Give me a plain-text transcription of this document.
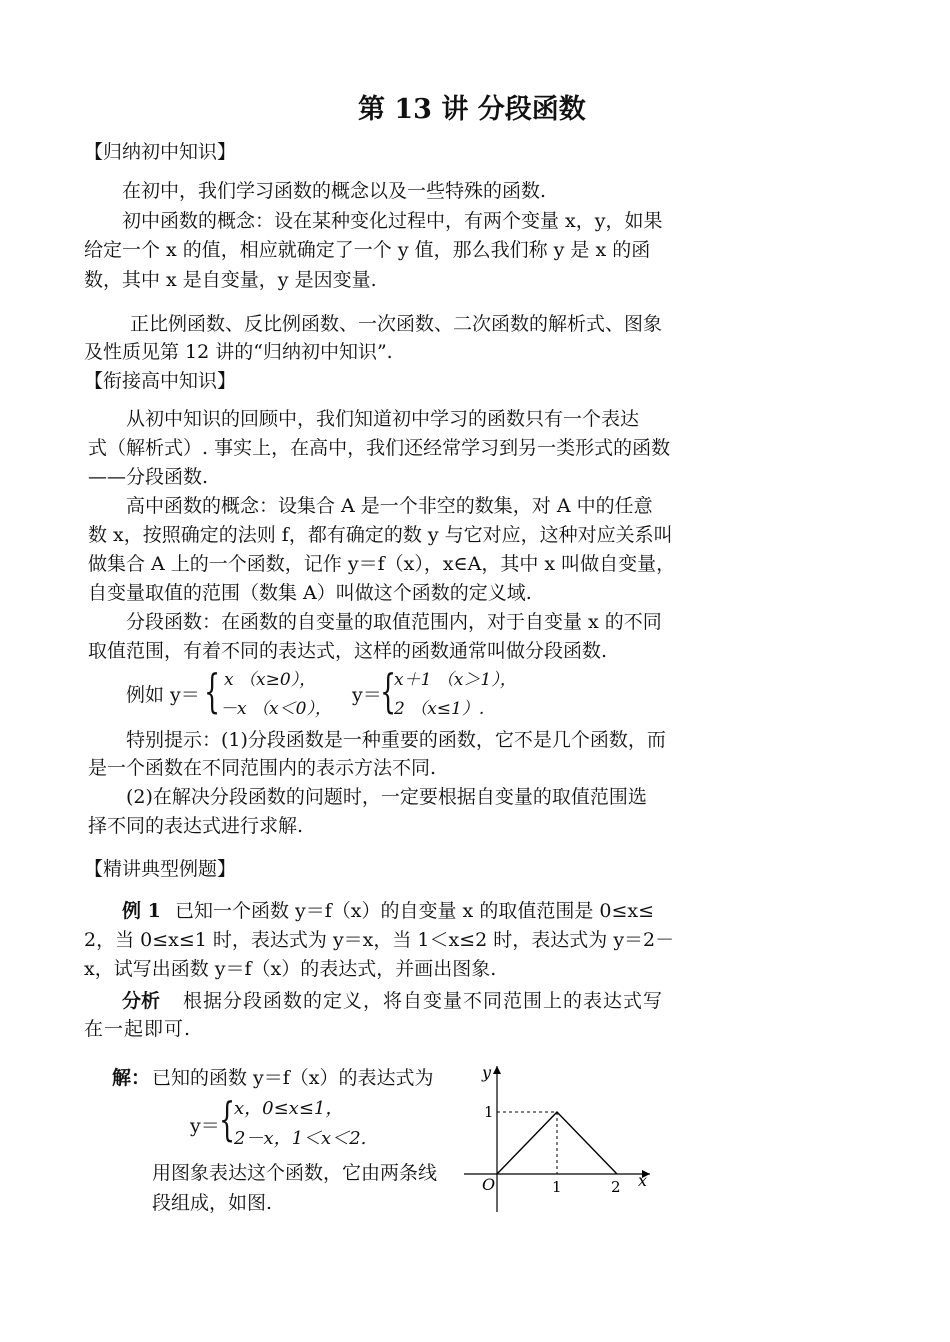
第 13 讲 分段函数
【归纳初中知识】
在初中，我们学习函数的概念以及一些特殊的函数.
初中函数的概念：设在某种变化过程中，有两个变量 x，y，如果
给定一个 x 的值，相应就确定了一个 y 值，那么我们称 y 是 x 的函
数，其中 x 是自变量，y 是因变量.
正比例函数、反比例函数、一次函数、二次函数的解析式、图象
及性质见第 12 讲的“归纳初中知识”.
【衔接高中知识】
从初中知识的回顾中，我们知道初中学习的函数只有一个表达
式（解析式）. 事实上，在高中，我们还经常学习到另一类形式的函数
——分段函数.
高中函数的概念：设集合 A 是一个非空的数集，对 A 中的任意
数 x，按照确定的法则 f，都有确定的数 y 与它对应，这种对应关系叫
做集合 A 上的一个函数，记作 y＝f（x），x∈A，其中 x 叫做自变量，
自变量取值的范围（数集 A）叫做这个函数的定义域.
分段函数：在函数的自变量的取值范围内，对于自变量 x 的不同
取值范围，有着不同的表达式，这样的函数通常叫做分段函数.
例如 y＝ { x （x≥0），
－x （x＜0），
y＝
{
x＋1 （x＞1），
2 （x≤1）.
特别提示：(1)分段函数是一种重要的函数，它不是几个函数，而
是一个函数在不同范围内的表示方法不同.
(2)在解决分段函数的问题时，一定要根据自变量的取值范围选
择不同的表达式进行求解.
【精讲典型例题】
例 1 已知一个函数 y＝f（x）的自变量 x 的取值范围是 0≤x≤
2，当 0≤x≤1 时，表达式为 y＝x，当 1＜x≤2 时，表达式为 y＝2－
x，试写出函数 y＝f（x）的表达式，并画出图象.
分析 根据分段函数的定义，将自变量不同范围上的表达式写
在一起即可.
解： 已知的函数 y＝f（x）的表达式为
y＝ {
x，0≤x≤1，
2－x，1＜x＜2.
用图象表达这个函数，它由两条线
段组成，如图.
y
x
O	1	2
1
